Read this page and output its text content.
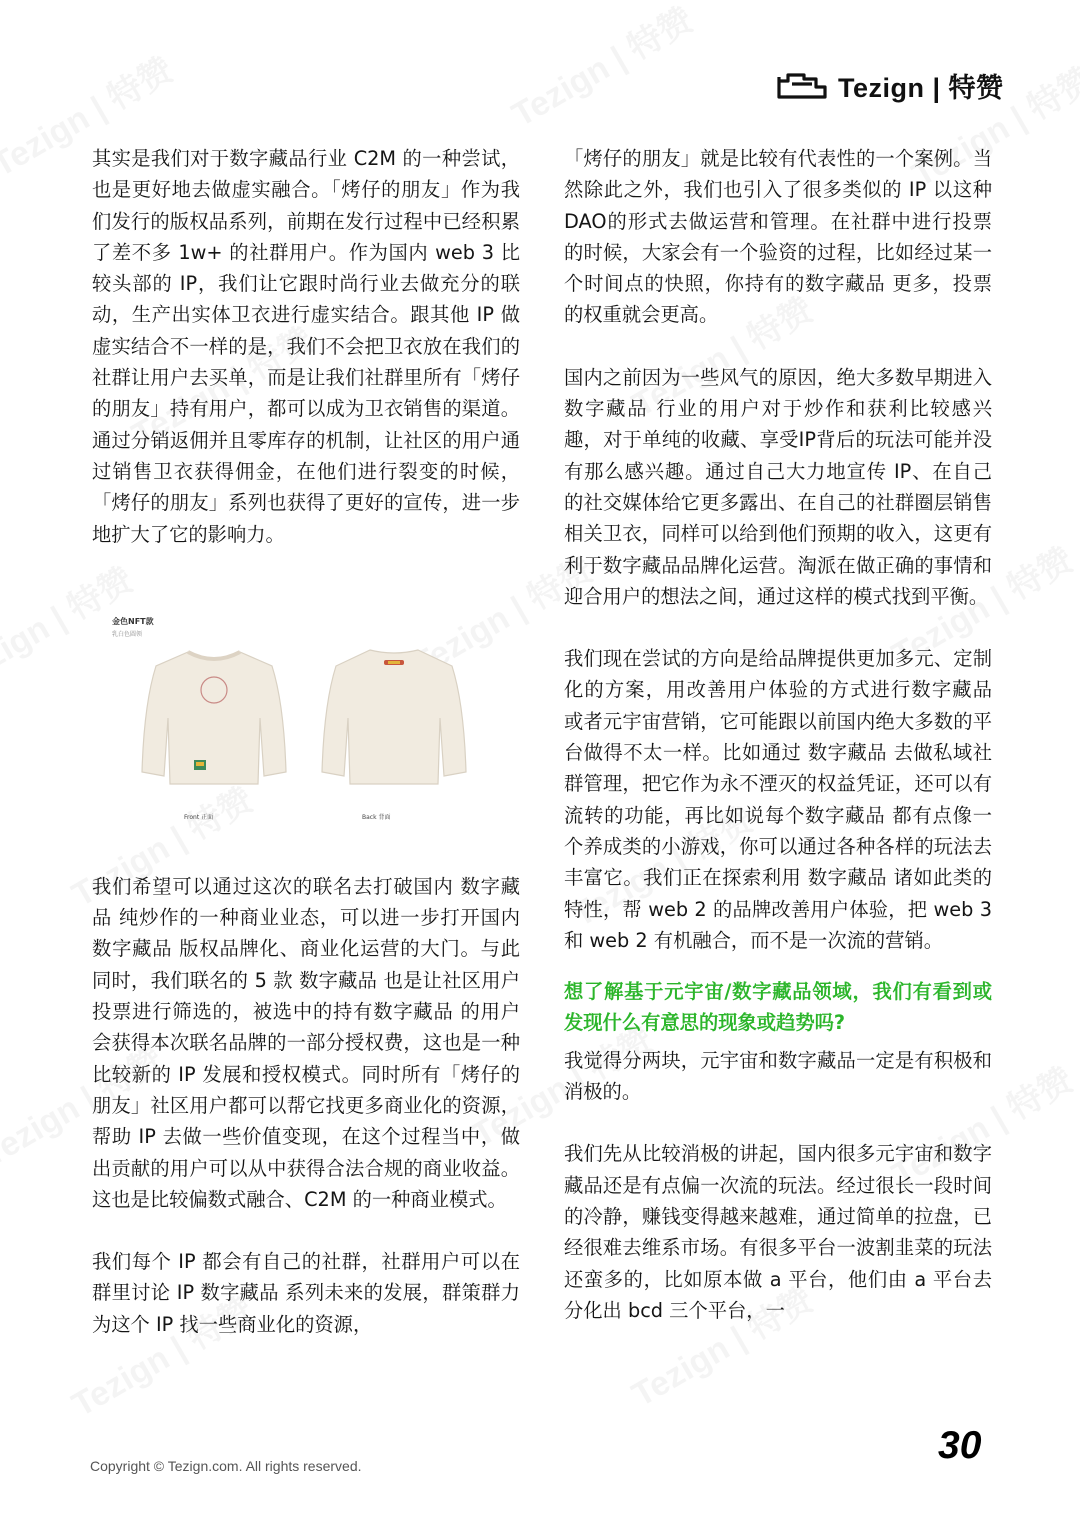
Tezign | 特赞

其实是我们对于数字藏品行业 C2M 的一种尝试，也是更好地去做虚实融合。「烤仔的朋友」作为我们发行的版权品系列，前期在发行过程中已经积累了差不多 1w+ 的社群用户。作为国内 web 3 比较头部的 IP，我们让它跟时尚行业去做充分的联动，生产出实体卫衣进行虚实结合。跟其他 IP 做虚实结合不一样的是，我们不会把卫衣放在我们的社群让用户去买单，而是让我们社群里所有「烤仔的朋友」持有用户，都可以成为卫衣销售的渠道。通过分销返佣并且零库存的机制，让社区的用户通过销售卫衣获得佣金，在他们进行裂变的时候，「烤仔的朋友」系列也获得了更好的宣传，进一步地扩大了它的影响力。

金色NFT款
乳白色圆领
Front 正面	Back 背面

我们希望可以通过这次的联名去打破国内 数字藏品 纯炒作的一种商业业态，可以进一步打开国内数字藏品 版权品牌化、商业化运营的大门。与此同时，我们联名的 5 款 数字藏品 也是让社区用户投票进行筛选的，被选中的持有数字藏品 的用户会获得本次联名品牌的一部分授权费，这也是一种比较新的 IP 发展和授权模式。同时所有「烤仔的朋友」社区用户都可以帮它找更多商业化的资源，帮助 IP 去做一些价值变现，在这个过程当中，做出贡献的用户可以从中获得合法合规的商业收益。这也是比较偏数式融合、C2M 的一种商业模式。

我们每个 IP 都会有自己的社群，社群用户可以在群里讨论 IP 数字藏品 系列未来的发展，群策群力为这个 IP 找一些商业化的资源，

「烤仔的朋友」就是比较有代表性的一个案例。当然除此之外，我们也引入了很多类似的 IP 以这种DAO的形式去做运营和管理。在社群中进行投票的时候，大家会有一个验资的过程，比如经过某一个时间点的快照，你持有的数字藏品 更多，投票的权重就会更高。

国内之前因为一些风气的原因，绝大多数早期进入 数字藏品 行业的用户对于炒作和获利比较感兴趣，对于单纯的收藏、享受IP背后的玩法可能并没有那么感兴趣。通过自己大力地宣传 IP、在自己的社交媒体给它更多露出、在自己的社群圈层销售相关卫衣，同样可以给到他们预期的收入，这更有利于数字藏品品牌化运营。淘派在做正确的事情和迎合用户的想法之间，通过这样的模式找到平衡。

我们现在尝试的方向是给品牌提供更加多元、定制化的方案，用改善用户体验的方式进行数字藏品 或者元宇宙营销，它可能跟以前国内绝大多数的平台做得不太一样。比如通过 数字藏品 去做私域社群管理，把它作为永不湮灭的权益凭证，还可以有流转的功能，再比如说每个数字藏品 都有点像一个养成类的小游戏，你可以通过各种各样的玩法去丰富它。我们正在探索利用 数字藏品 诸如此类的特性，帮 web 2 的品牌改善用户体验，把 web 3 和 web 2 有机融合，而不是一次流的营销。

想了解基于元宇宙/数字藏品领域，我们有看到或发现什么有意思的现象或趋势吗?

我觉得分两块，元宇宙和数字藏品一定是有积极和消极的。

我们先从比较消极的讲起，国内很多元宇宙和数字藏品还是有点偏一次流的玩法。经过很长一段时间的冷静，赚钱变得越来越难，通过简单的拉盘，已经很难去维系市场。有很多平台一波割韭菜的玩法还蛮多的，比如原本做 a 平台，他们由 a 平台去分化出 bcd 三个平台，一

Copyright © Tezign.com. All rights reserved.	30
